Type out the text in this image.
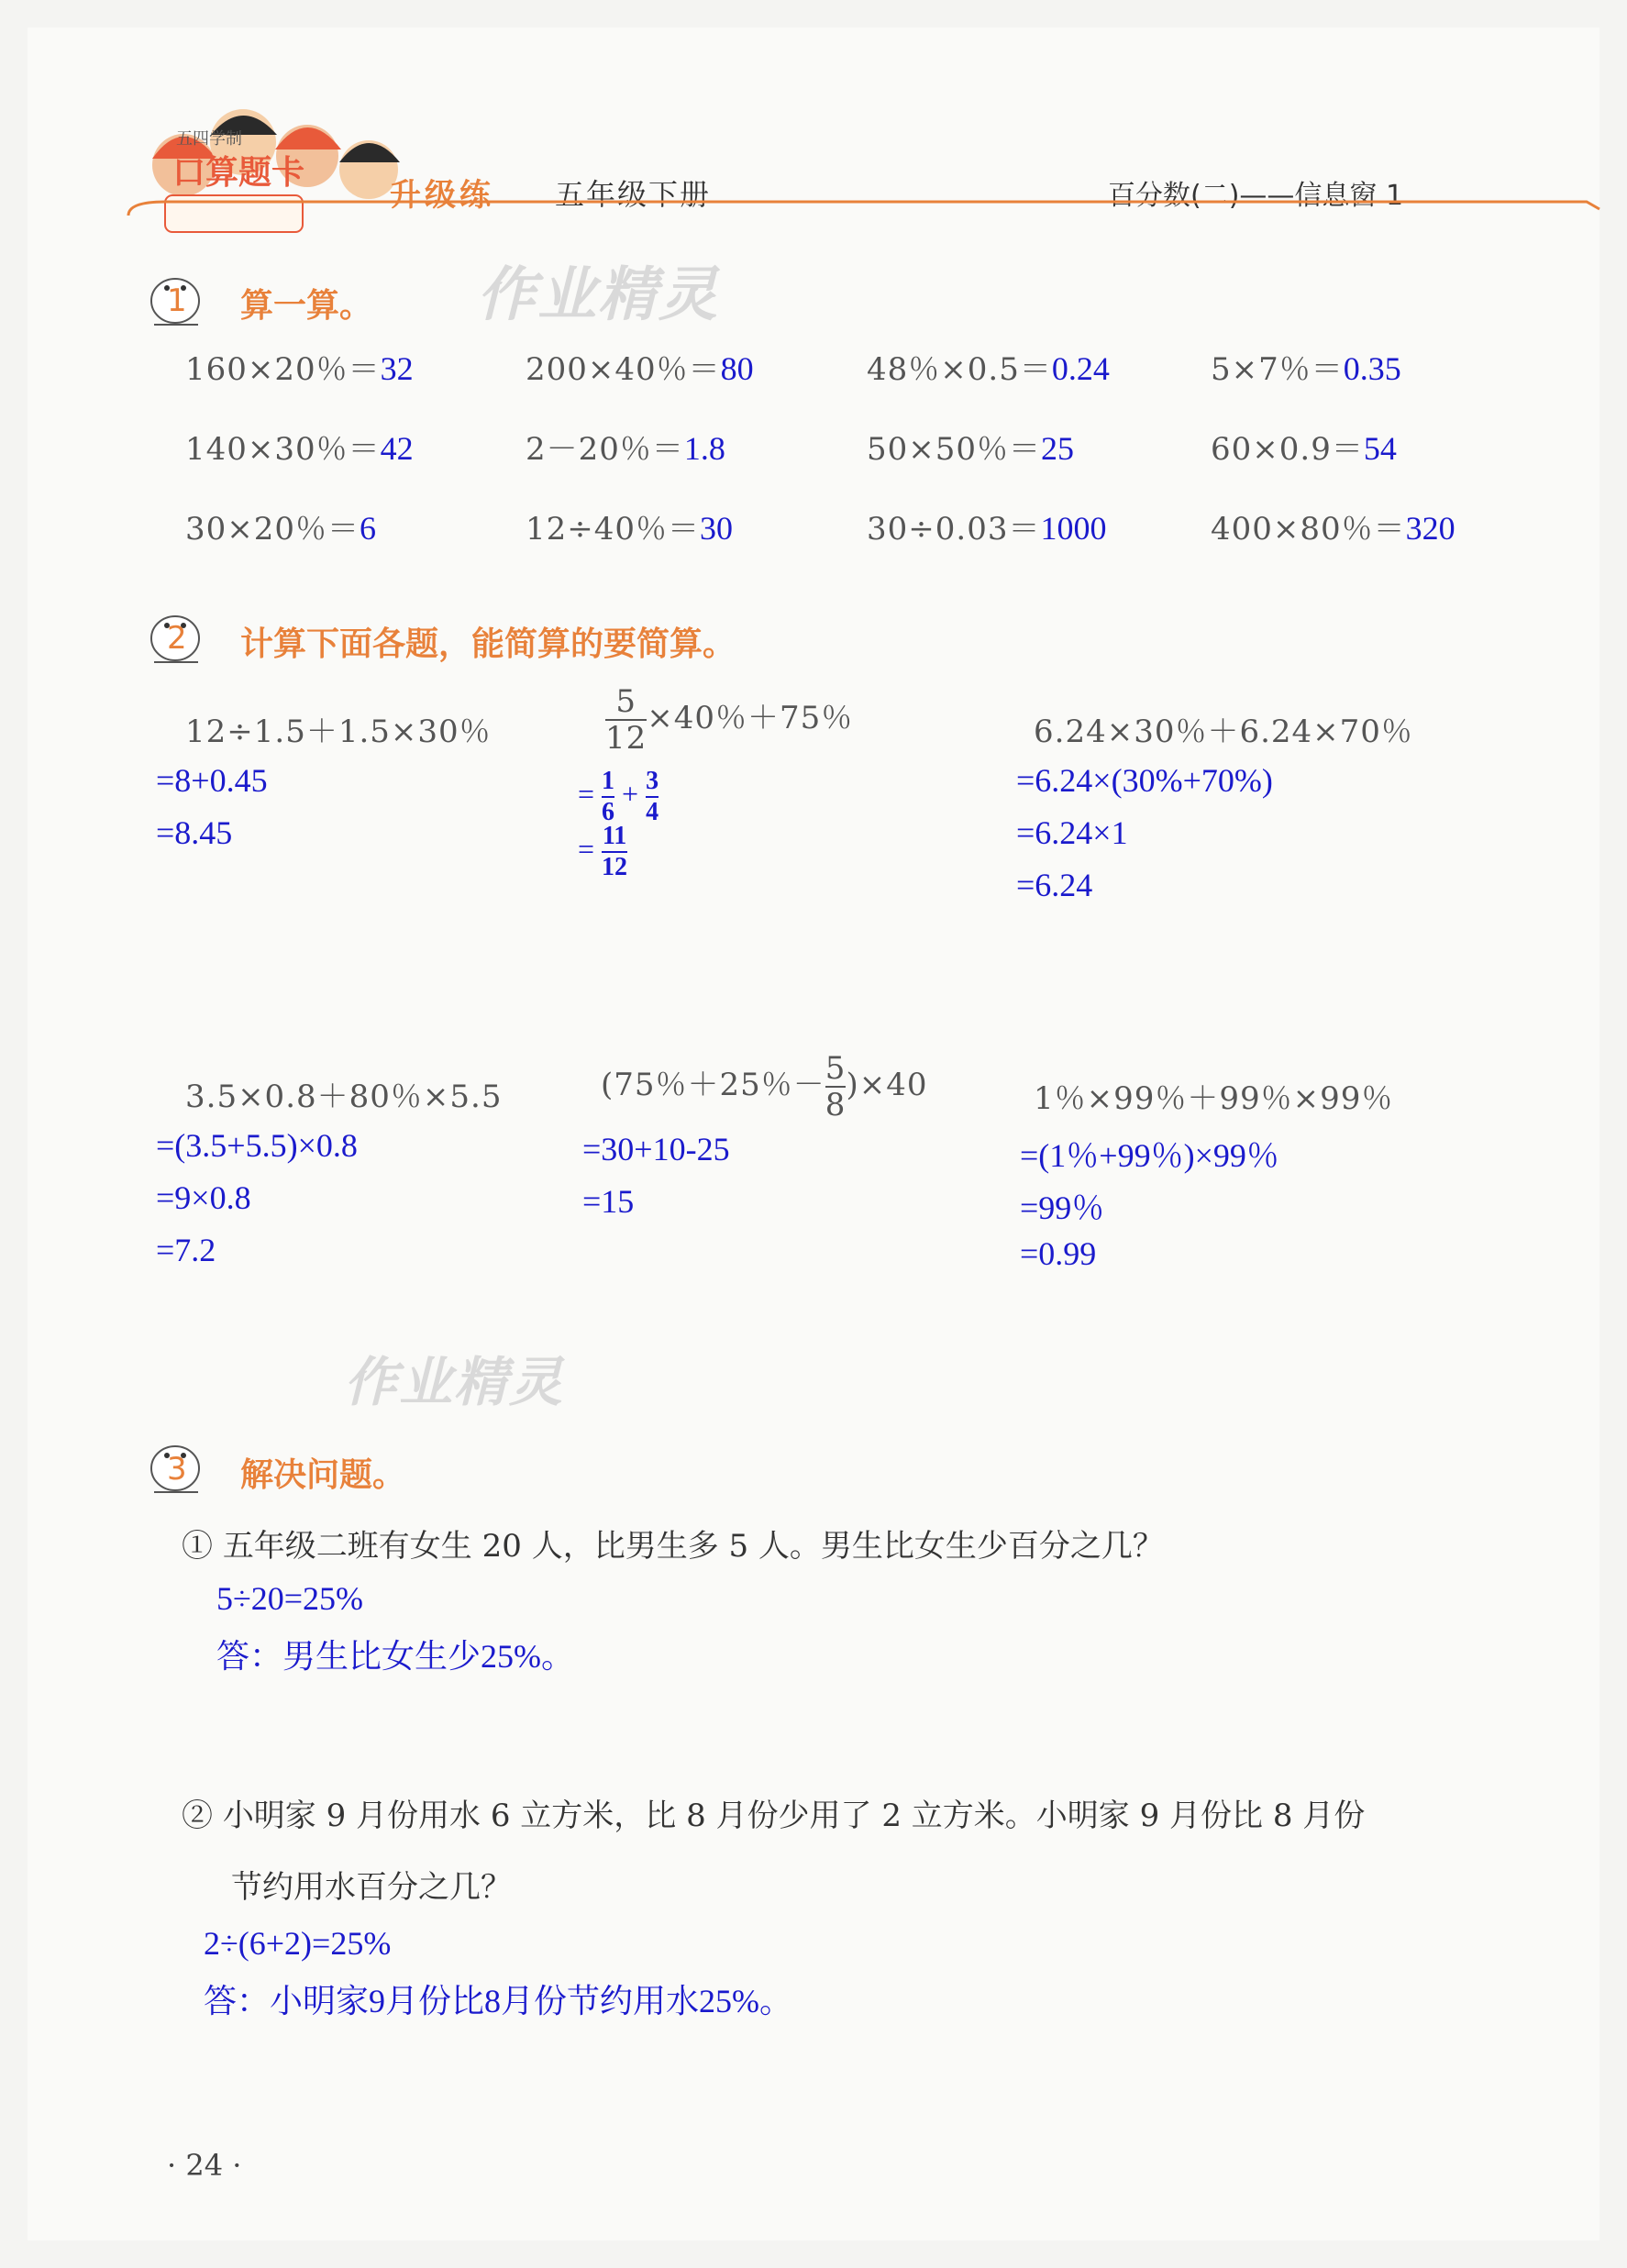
五四学制
口算题卡
升级练 五年级下册	百分数(二)——信息窗 1
作业精灵
作业精灵
1 算一算。
160×20％＝32	200×40％＝80	48％×0.5＝0.24	5×7％＝0.35
140×30％＝42	2－20％＝1.8	50×50％＝25	60×0.9＝54
30×20％＝6	12÷40％＝30	30÷0.03＝1000	400×80％＝320
2 计算下面各题，能简算的要简算。
12÷1.5＋1.5×30％
=8+0.45
=8.45
$\frac{5}{12} \times 40$％＋75％
= $\frac{1}{6} + \frac{3}{4}$
= $\frac{11}{12}$
6.24×30％＋6.24×70％
=6.24×(30%+70%)
=6.24×1
=6.24
3.5×0.8＋80％×5.5
=(3.5+5.5)×0.8
=9×0.8
=7.2
(75％＋25％－ $\frac{5}{8} )\times 40$
=30+10-25
=15
1％×99％＋99％×99％
=(1％+99％)×99％
=99％
=0.99
3 解决问题。
① 五年级二班有女生 20 人，比男生多 5 人。男生比女生少百分之几？
5÷20=25%
答：男生比女生少25%。
② 小明家 9 月份用水 6 立方米，比 8 月份少用了 2 立方米。小明家 9 月份比 8 月份
节约用水百分之几？
2÷(6+2)=25%
答：小明家9月份比8月份节约用水25%。
· 24 ·
